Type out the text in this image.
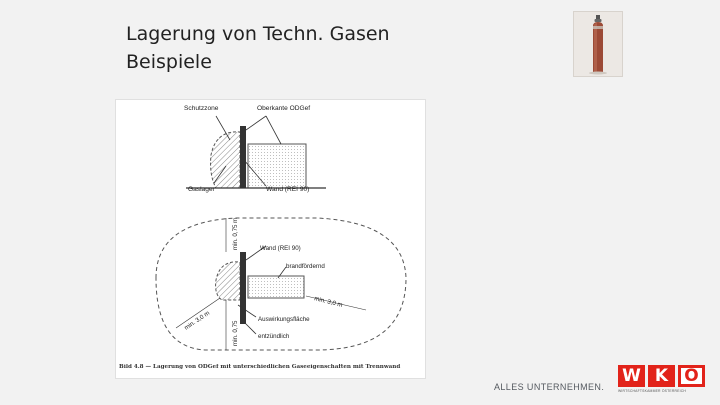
Lagerung von Techn. Gasen
Beispiele
Schutzzone	Oberkante ODGef
Gaslager	Wand (REI 90)
Wand (REI 90)
brandfördernd
Auswirkungsfläche
entzündlich
min. 0,75 m
min. 0,75
min. 3,0 m
min. 3,0 m
Bild 4.8 — Lagerung von ODGef mit unterschiedlichen Gaseeigenschaften mit Trennwand
ALLES UNTERNEHMEN.
W K O
WIRTSCHAFTSKAMMER ÖSTERREICH
